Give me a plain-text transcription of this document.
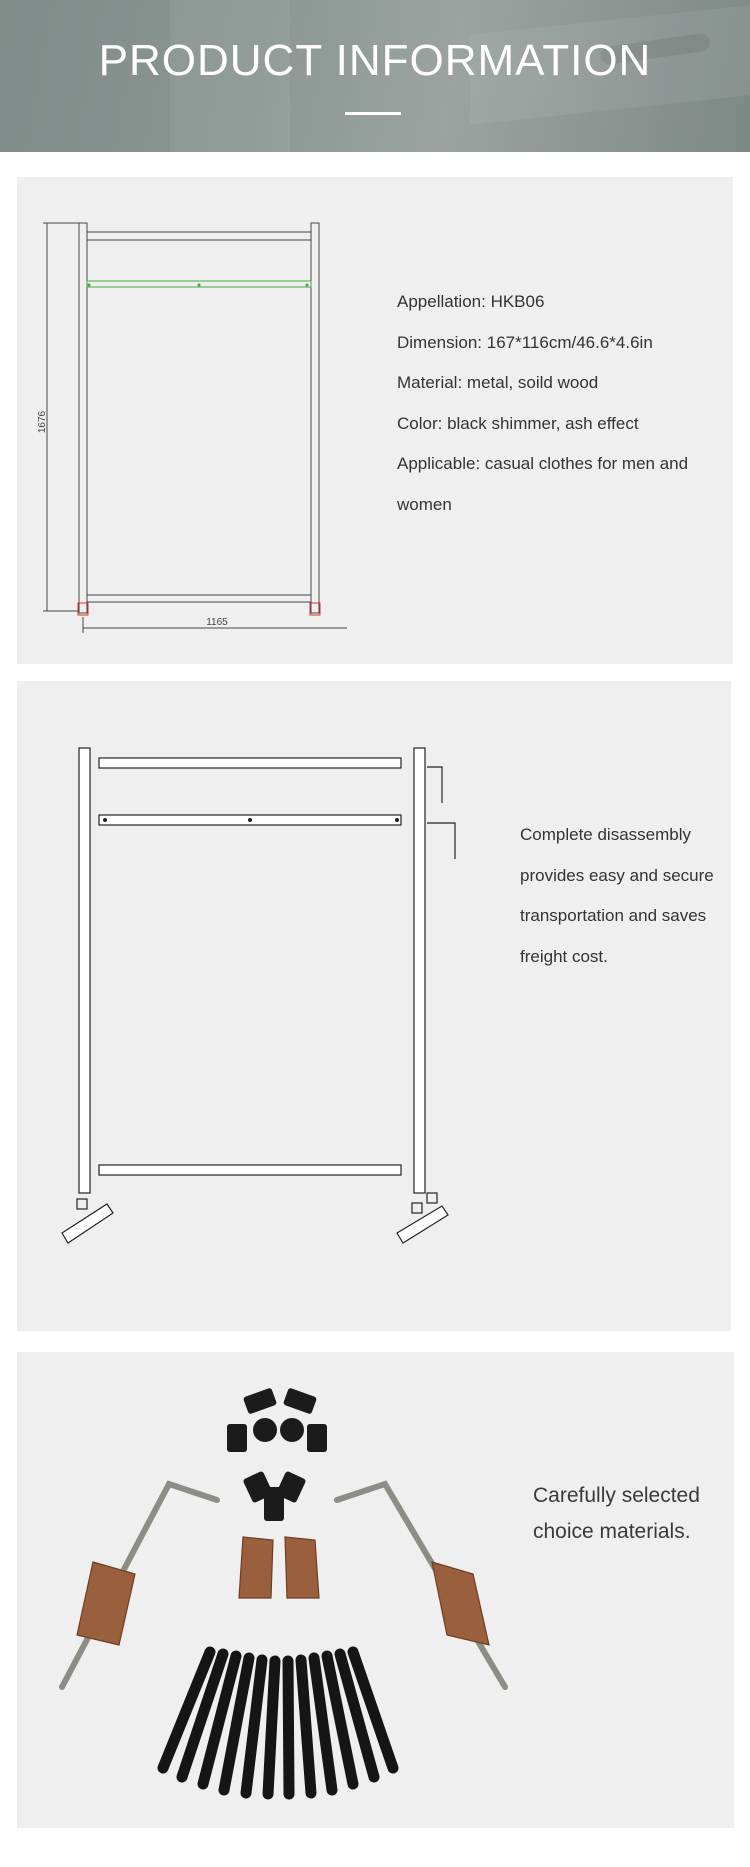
PRODUCT INFORMATION
1676
1165
Appellation: HKB06
Dimension: 167*116cm/46.6*4.6in
Material: metal, soild wood
Color: black shimmer, ash effect
Applicable: casual clothes for men and women
Complete disassembly provides easy and secure transportation and saves freight cost.
Carefully selected choice materials.
